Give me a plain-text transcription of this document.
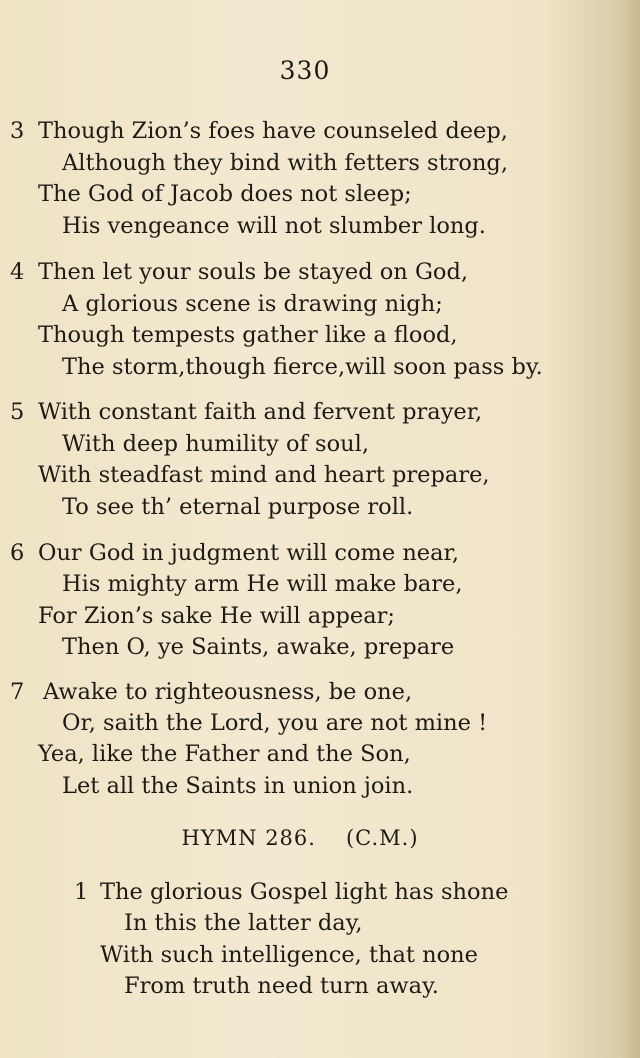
330
3 Though Zion’s foes have counseled deep,
Although they bind with fetters strong,
The God of Jacob does not sleep;
His vengeance will not slumber long.
4 Then let your souls be stayed on God,
A glorious scene is drawing nigh;
Though tempests gather like a flood,
The storm,though fierce,will soon pass by.
5 With constant faith and fervent prayer,
With deep humility of soul,
With steadfast mind and heart prepare,
To see th’ eternal purpose roll.
6 Our God in judgment will come near,
His mighty arm He will make bare,
For Zion’s sake He will appear;
Then O, ye Saints, awake, prepare
7 Awake to righteousness, be one,
Or, saith the Lord, you are not mine !
Yea, like the Father and the Son,
Let all the Saints in union join.
HYMN 286. (C.M.)
1 The glorious Gospel light has shone
In this the latter day,
With such intelligence, that none
From truth need turn away.
